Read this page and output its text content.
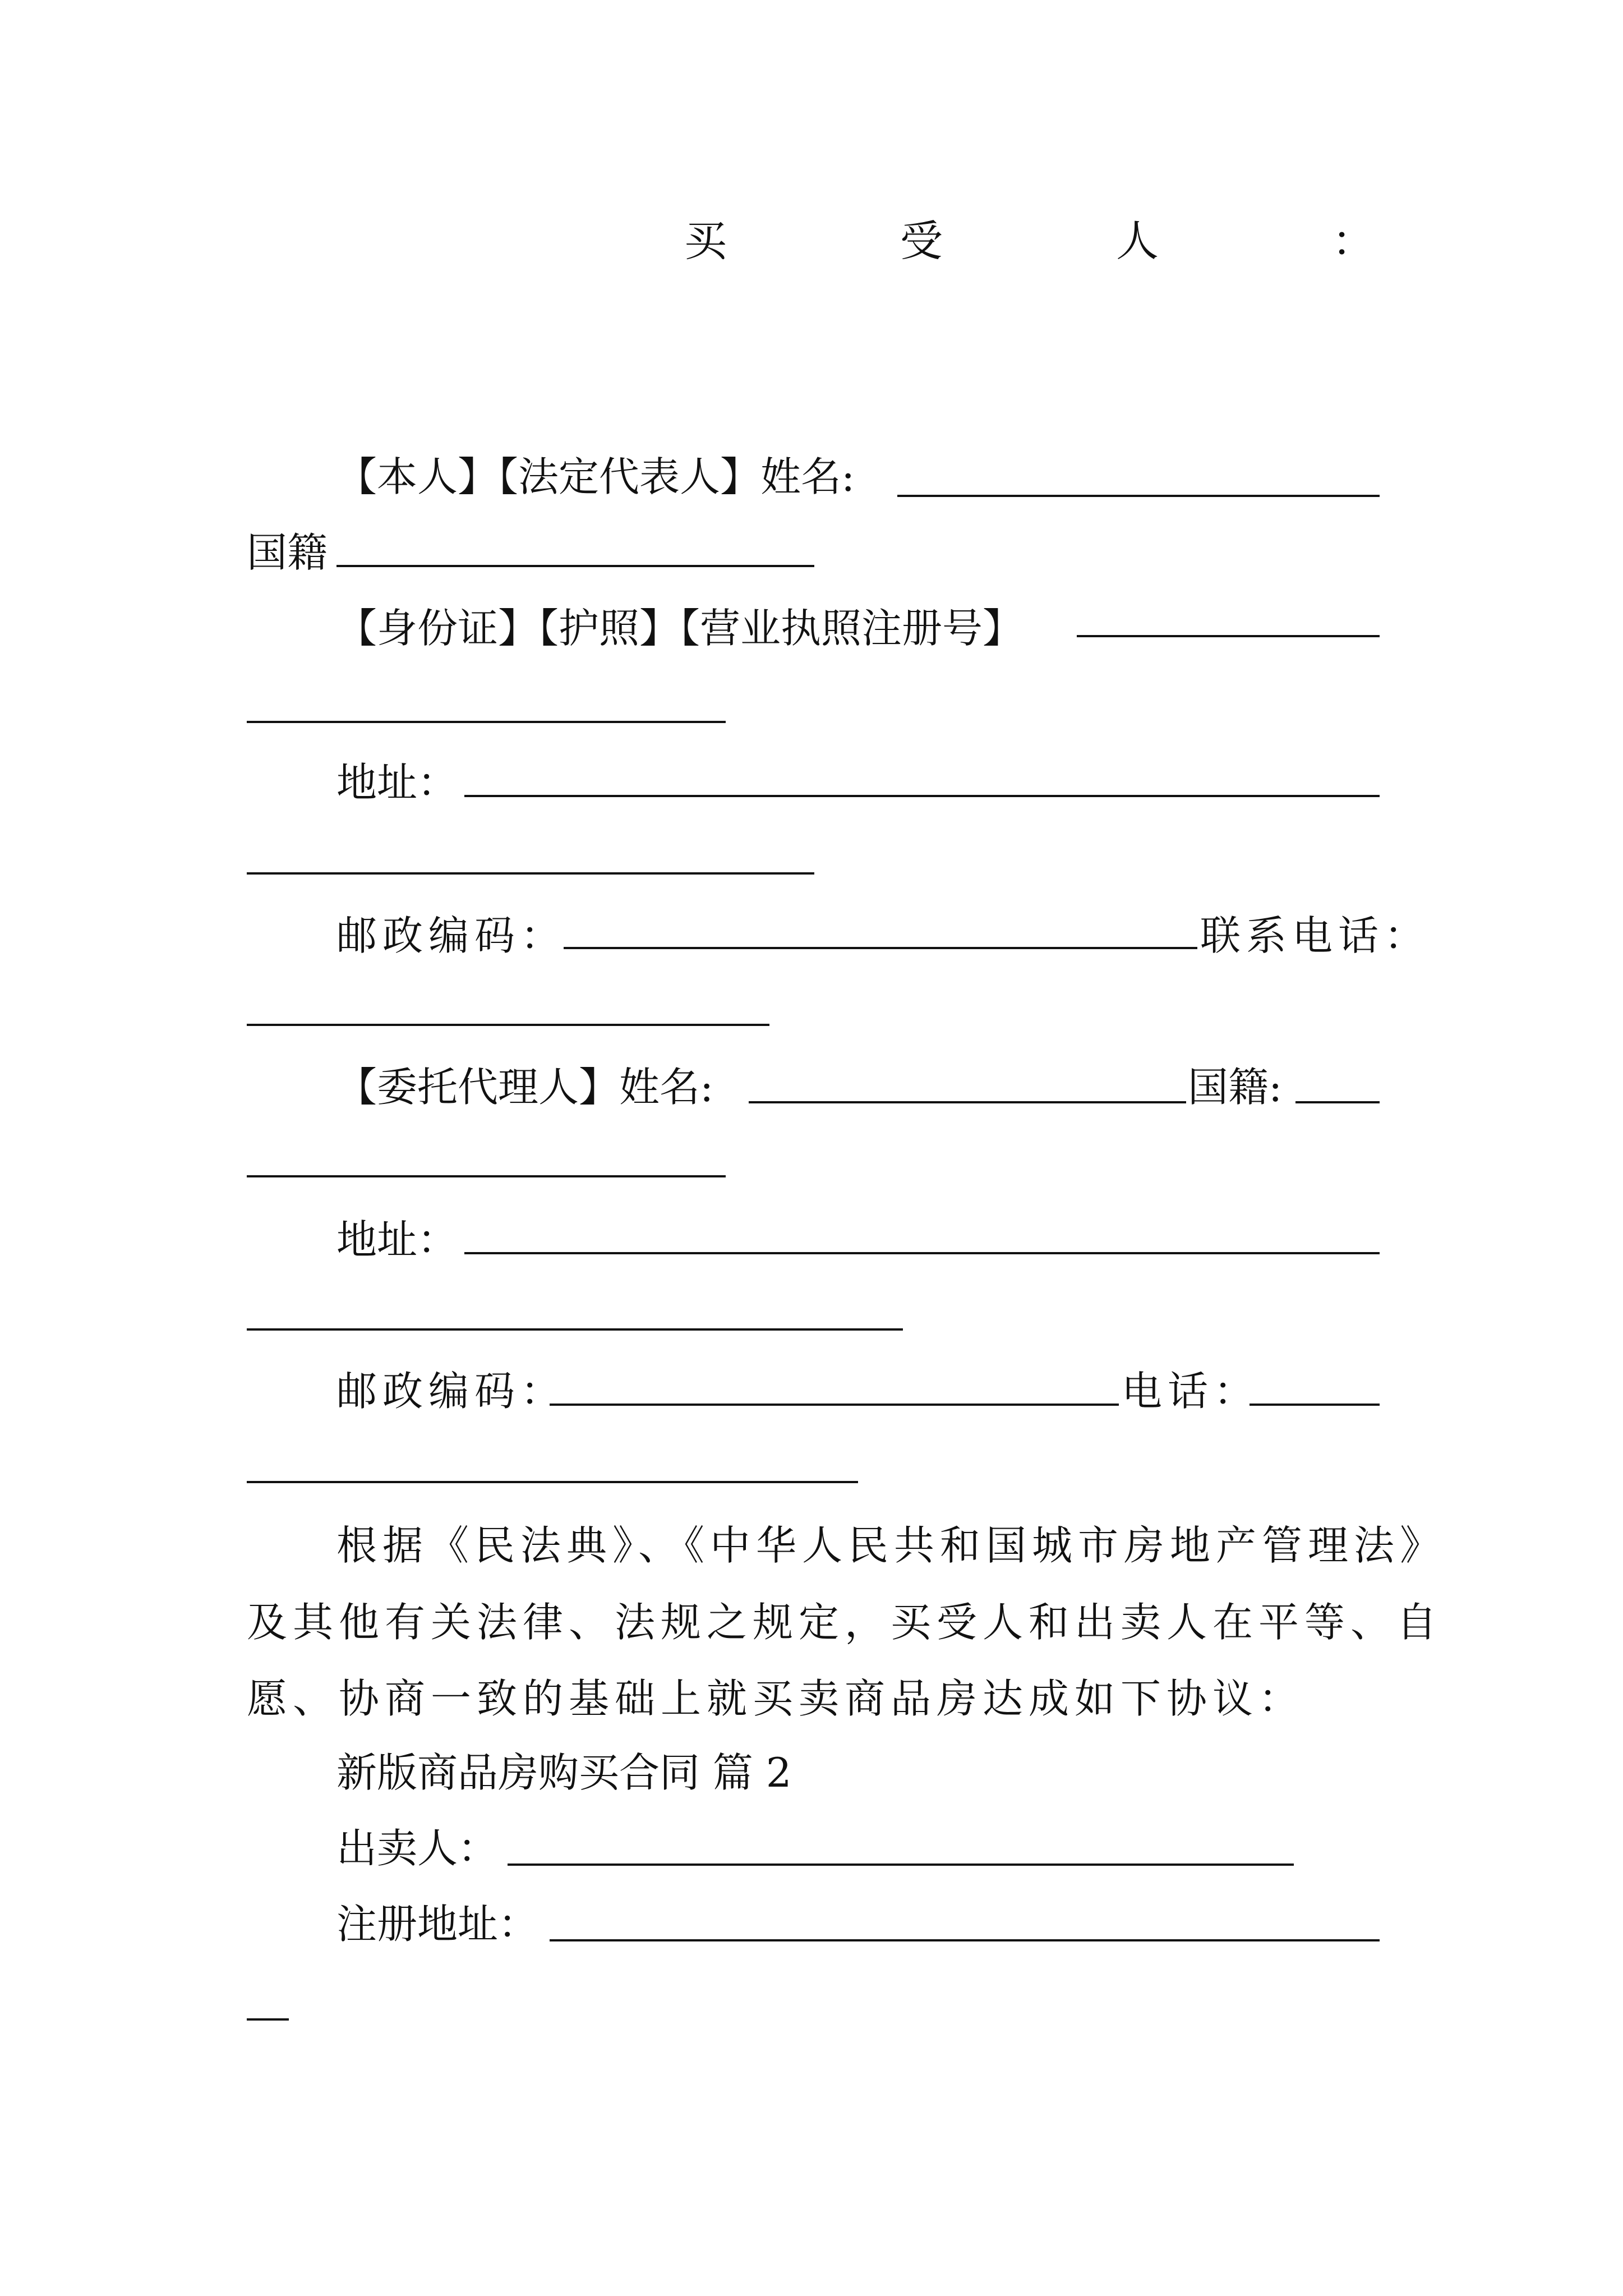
买	受	人	：
【本人】【法定代表人】姓名:
国籍
【身份证】【护照】【营业执照注册号】
地址：
邮政编码：	联系电话：
【委托代理人】姓名:	国籍:
地址：
邮政编码：	电话：
根据《民法典》、《中华人民共和国城市房地产管理法》
及其他有关法律、法规之规定，买受人和出卖人在平等、自
愿、协商一致的基础上就买卖商品房达成如下协议：
新版商品房购买合同 篇 2
出卖人：
注册地址：
